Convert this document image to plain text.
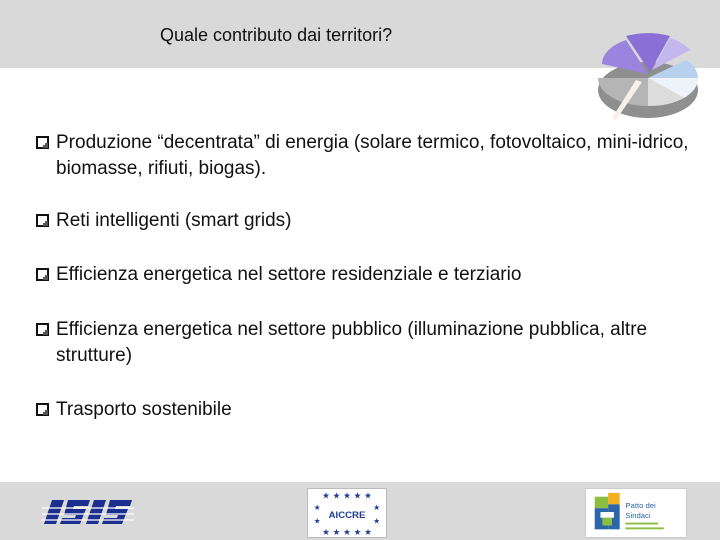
Quale contributo dai territori?
Produzione “decentrata” di energia (solare termico, fotovoltaico, mini-idrico, biomasse, rifiuti, biogas).
Reti intelligenti (smart grids)
Efficienza energetica nel settore residenziale e terziario
Efficienza energetica nel settore pubblico (illuminazione pubblica, altre strutture)
Trasporto sostenibile
★ ★ ★ ★ ★
★	★
★	★
★ ★ ★ ★ ★
AICCRE
Patto dei
Sindaci
